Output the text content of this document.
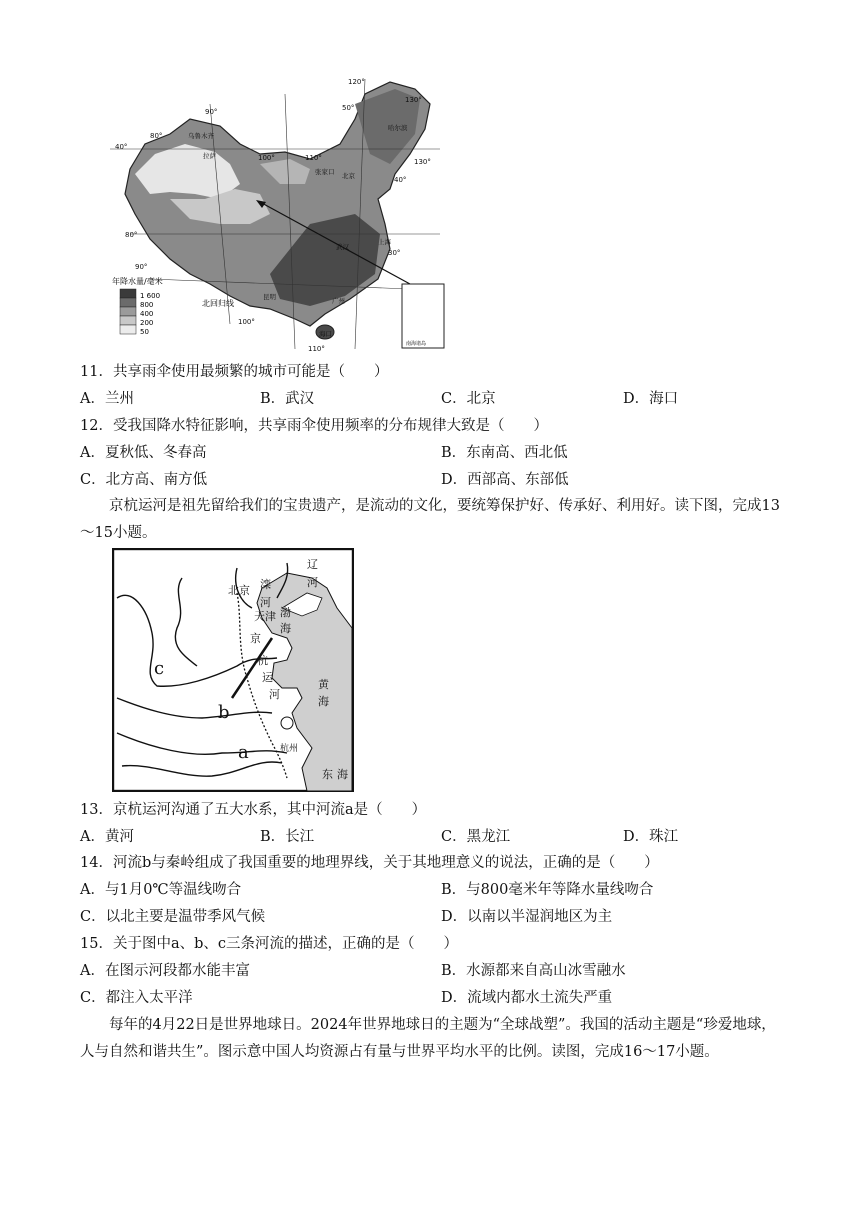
南海诸岛
年降水量/毫米
1 600
800
400
200
50
120°
130°
90°
80°
100°	110°	130°
40°
50°
40°
30°
80°
90°
100°
110°
北回归线
乌鲁木齐
拉萨
张家口 北京
哈尔滨
武汉
上海
昆明	广州
海口
11．共享雨伞使用最频繁的城市可能是（　　）
A．兰州	B．武汉	C．北京	D．海口
12．受我国降水特征影响，共享雨伞使用频率的分布规律大致是（　　）
A．夏秋低、冬春高	B．东南高、西北低
C．北方高、南方低	D．西部高、东部低
京杭运河是祖先留给我们的宝贵遗产，是流动的文化，要统筹保护好、传承好、利用好。读下图，完成13～15小题。
北京 滦
河
辽
河
天津 渤
海
京
杭
运
河
黄
海
杭州
东 海
c
b
a
13．京杭运河沟通了五大水系，其中河流a是（　　）
A．黄河	B．长江	C．黑龙江	D．珠江
14．河流b与秦岭组成了我国重要的地理界线，关于其地理意义的说法，正确的是（　　）
A．与1月0℃等温线吻合	B．与800毫米年等降水量线吻合
C．以北主要是温带季风气候	D．以南以半湿润地区为主
15．关于图中a、b、c三条河流的描述，正确的是（　　）
A．在图示河段都水能丰富	B．水源都来自高山冰雪融水
C．都注入太平洋	D．流域内都水土流失严重
每年的4月22日是世界地球日。2024年世界地球日的主题为“全球战塑”。我国的活动主题是“珍爱地球，人与自然和谐共生”。图示意中国人均资源占有量与世界平均水平的比例。读图，完成16～17小题。
